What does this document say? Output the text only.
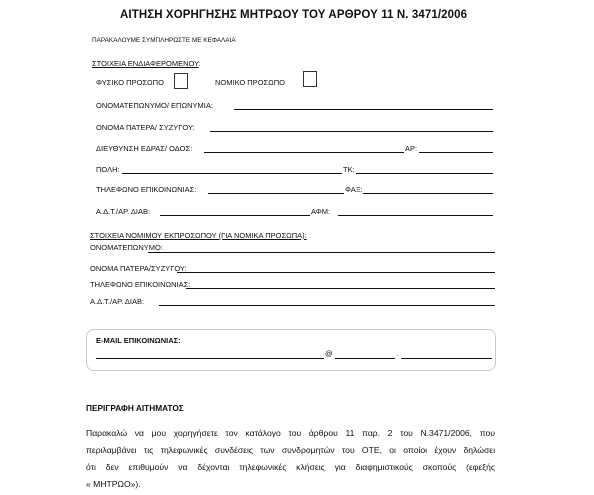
ΑΙΤΗΣΗ ΧΟΡΗΓΗΣΗΣ ΜΗΤΡΩΟΥ ΤΟΥ ΑΡΘΡΟΥ 11 Ν. 3471/2006
ΠΑΡΑΚΑΛΟΥΜΕ ΣΥΜΠΛΗΡΩΣΤΕ ΜΕ ΚΕΦΑΛΑΙΑ
ΣΤΟΙΧΕΙΑ ΕΝΔΙΑΦΕΡΟΜΕΝΟΥ:
ΦΥΣΙΚΟ ΠΡΟΣΩΠΟ	ΝΟΜΙΚΟ ΠΡΟΣΩΠΟ
ΟΝΟΜΑΤΕΠΩΝΥΜΟ/ ΕΠΩΝΥΜΙΑ:
ΟΝΟΜΑ ΠΑΤΕΡΑ/ ΣΥΖΥΓΟΥ:
ΔΙΕΥΘΥΝΣΗ ΕΔΡΑΣ/ ΟΔΟΣ:	ΑΡ:
ΠΟΛΗ:	ΤΚ:
ΤΗΛΕΦΩΝΟ ΕΠΙΚΟΙΝΩΝΙΑΣ:	ΦΑΞ:
Α.Δ.Τ./ΑΡ. ΔΙΑΒ:	ΑΦΜ:
ΣΤΟΙΧΕΙΑ ΝΟΜΙΜΟΥ ΕΚΠΡΟΣΩΠΟΥ (ΓΙΑ ΝΟΜΙΚΑ ΠΡΟΣΩΠΑ):
ΟΝΟΜΑΤΕΠΩΝΥΜΟ:
ΟΝΟΜΑ ΠΑΤΕΡΑ/ΣΥΖΥΓΟΥ:
ΤΗΛΕΦΩΝΟ ΕΠΙΚΟΙΝΩΝΙΑΣ:
Α.Δ.Τ./ΑΡ. ΔΙΑΒ:
E-MAIL ΕΠΙΚΟΙΝΩΝΙΑΣ:
@	.
ΠΕΡΙΓΡΑΦΗ ΑΙΤΗΜΑΤΟΣ
Παρακαλώ να μου χορηγήσετε τον κατάλογο του άρθρου 11 παρ. 2 του Ν.3471/2006, που
περιλαμβάνει τις τηλεφωνικές συνδέσεις των συνδρομητών του ΟΤΕ, οι οποίοι έχουν δηλώσει
ότι δεν επιθυμούν να δέχονται τηλεφωνικές κλήσεις για διαφημιστικούς σκοπούς (εφεξής
« ΜΗΤΡΩΟ»).
